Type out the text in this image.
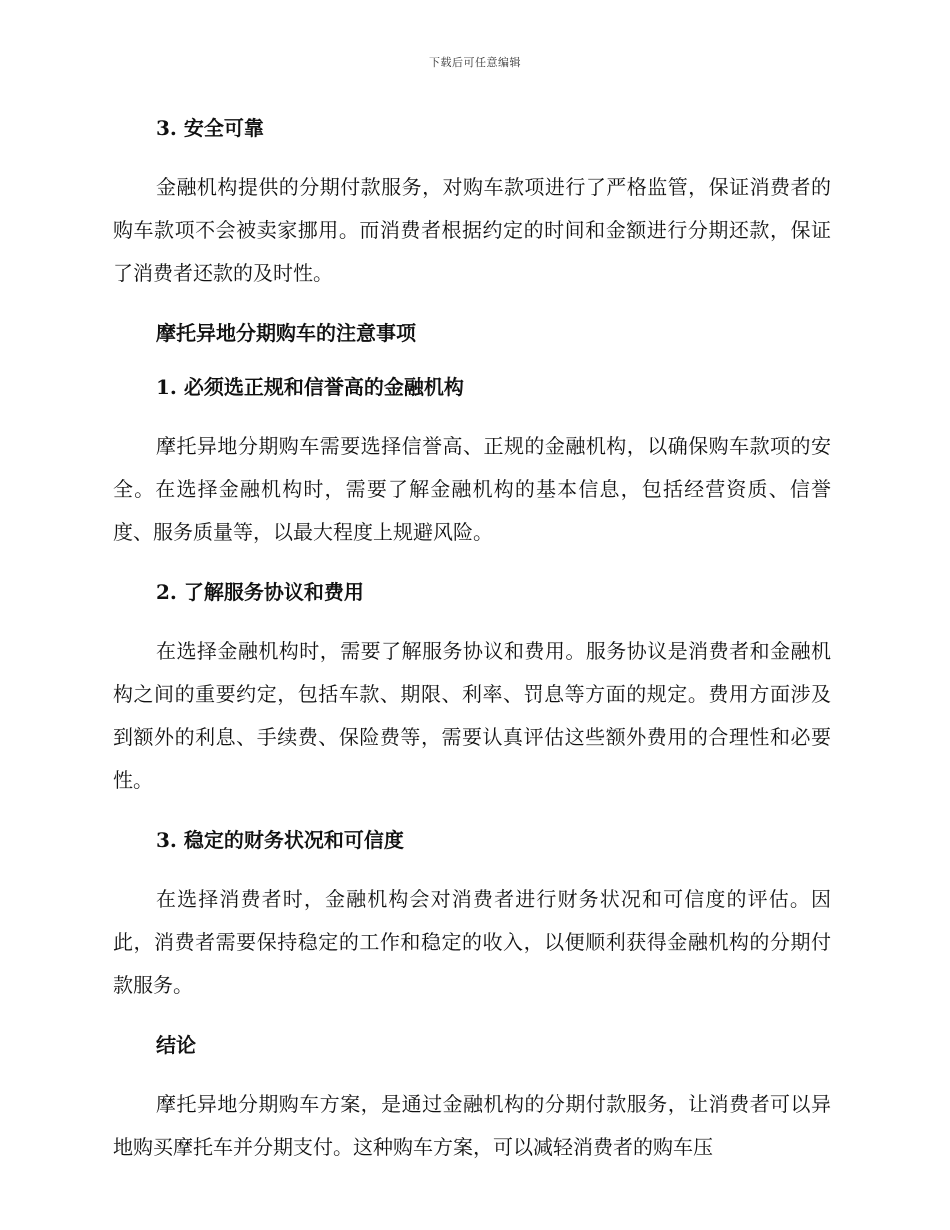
下载后可任意编辑
3. 安全可靠

金融机构提供的分期付款服务，对购车款项进行了严格监管，保证消费者的购车款项不会被卖家挪用。而消费者根据约定的时间和金额进行分期还款，保证了消费者还款的及时性。

摩托异地分期购车的注意事项
1. 必须选正规和信誉高的金融机构

摩托异地分期购车需要选择信誉高、正规的金融机构，以确保购车款项的安全。在选择金融机构时，需要了解金融机构的基本信息，包括经营资质、信誉度、服务质量等，以最大程度上规避风险。

2. 了解服务协议和费用

在选择金融机构时，需要了解服务协议和费用。服务协议是消费者和金融机构之间的重要约定，包括车款、期限、利率、罚息等方面的规定。费用方面涉及到额外的利息、手续费、保险费等，需要认真评估这些额外费用的合理性和必要性。

3. 稳定的财务状况和可信度

在选择消费者时，金融机构会对消费者进行财务状况和可信度的评估。因此，消费者需要保持稳定的工作和稳定的收入，以便顺利获得金融机构的分期付款服务。

结论

摩托异地分期购车方案，是通过金融机构的分期付款服务，让消费者可以异地购买摩托车并分期支付。这种购车方案，可以减轻消费者的购车压
